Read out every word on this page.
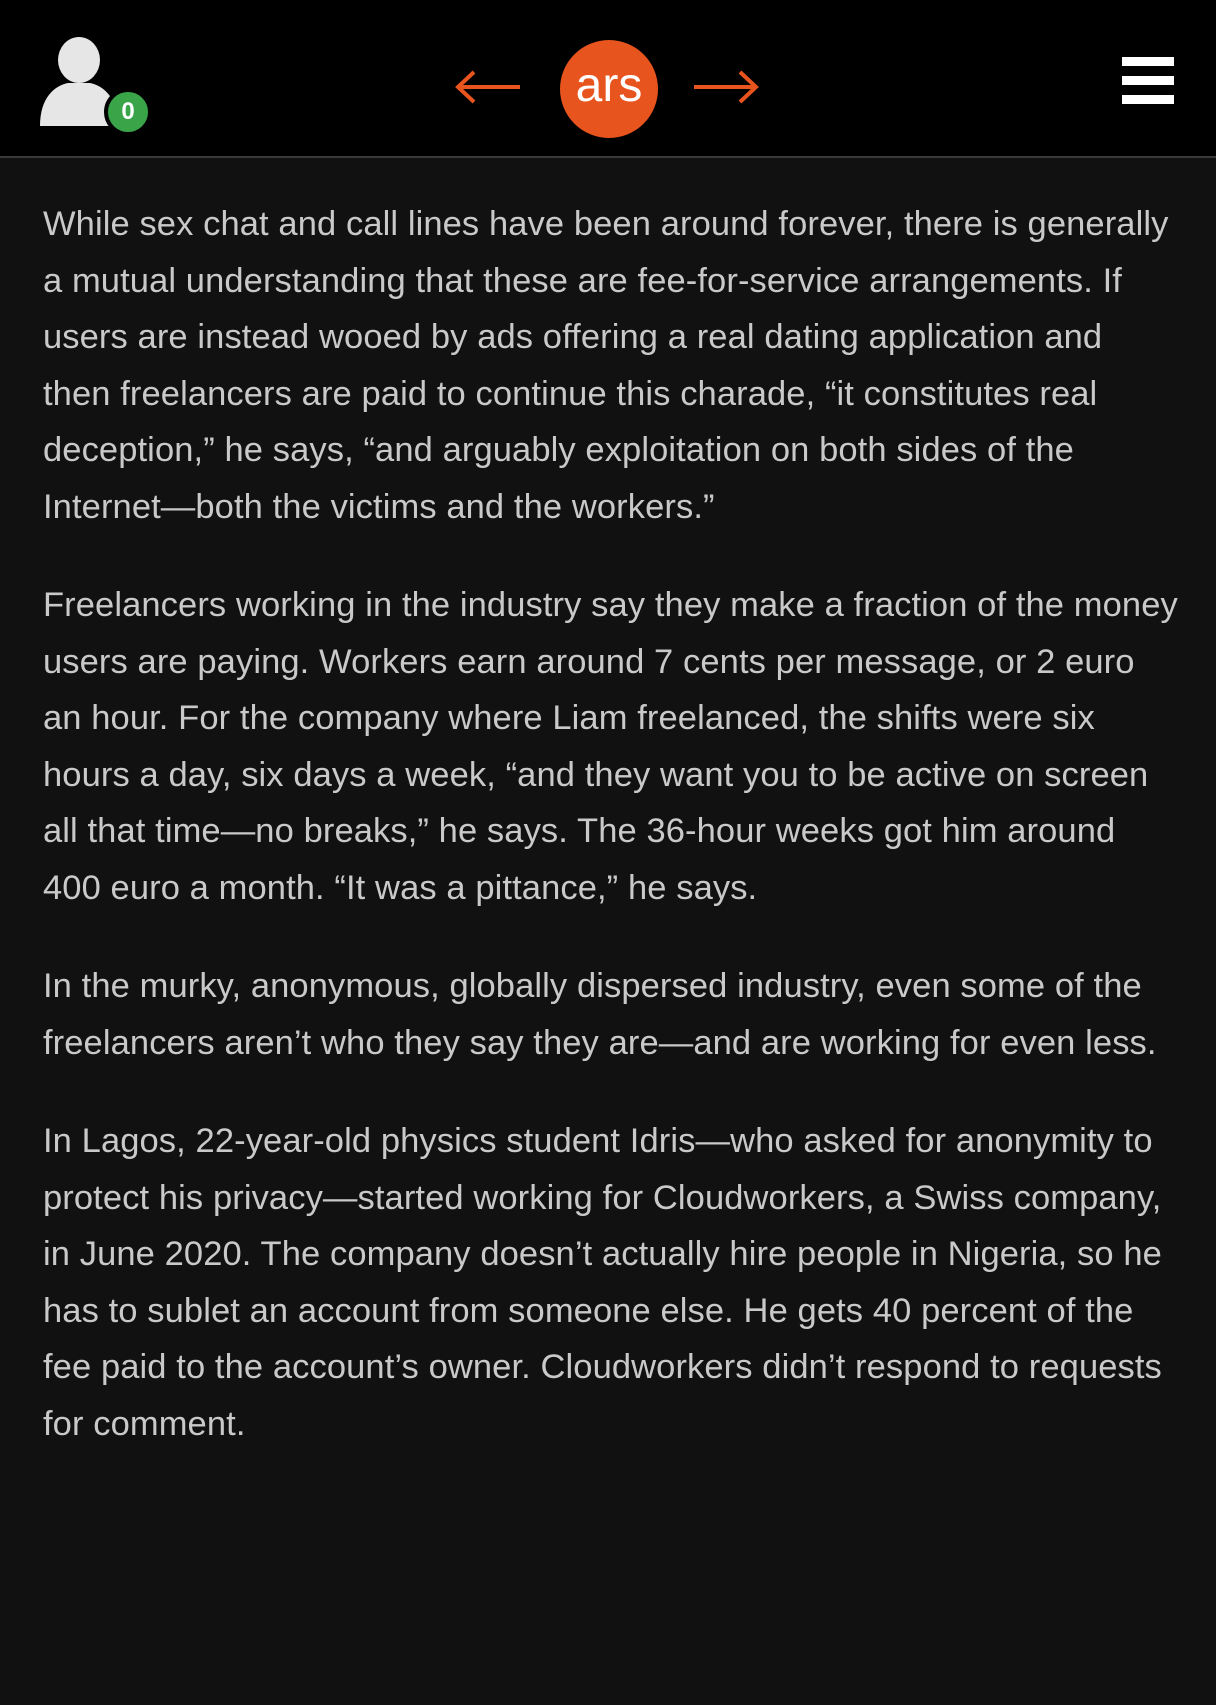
0	ars

While sex chat and call lines have been around forever, there is generally a mutual understanding that these are fee-for-service arrangements. If users are instead wooed by ads offering a real dating application and then freelancers are paid to continue this charade, “it constitutes real deception,” he says, “and arguably exploitation on both sides of the Internet—both the victims and the workers.”

Freelancers working in the industry say they make a fraction of the money users are paying. Workers earn around 7 cents per message, or 2 euro an hour. For the company where Liam freelanced, the shifts were six hours a day, six days a week, “and they want you to be active on screen all that time—no breaks,” he says. The 36-hour weeks got him around 400 euro a month. “It was a pittance,” he says.

In the murky, anonymous, globally dispersed industry, even some of the freelancers aren’t who they say they are—and are working for even less.

In Lagos, 22-year-old physics student Idris—who asked for anonymity to protect his privacy—started working for Cloudworkers, a Swiss company, in June 2020. The company doesn’t actually hire people in Nigeria, so he has to sublet an account from someone else. He gets 40 percent of the fee paid to the account’s owner. Cloudworkers didn’t respond to requests for comment.
